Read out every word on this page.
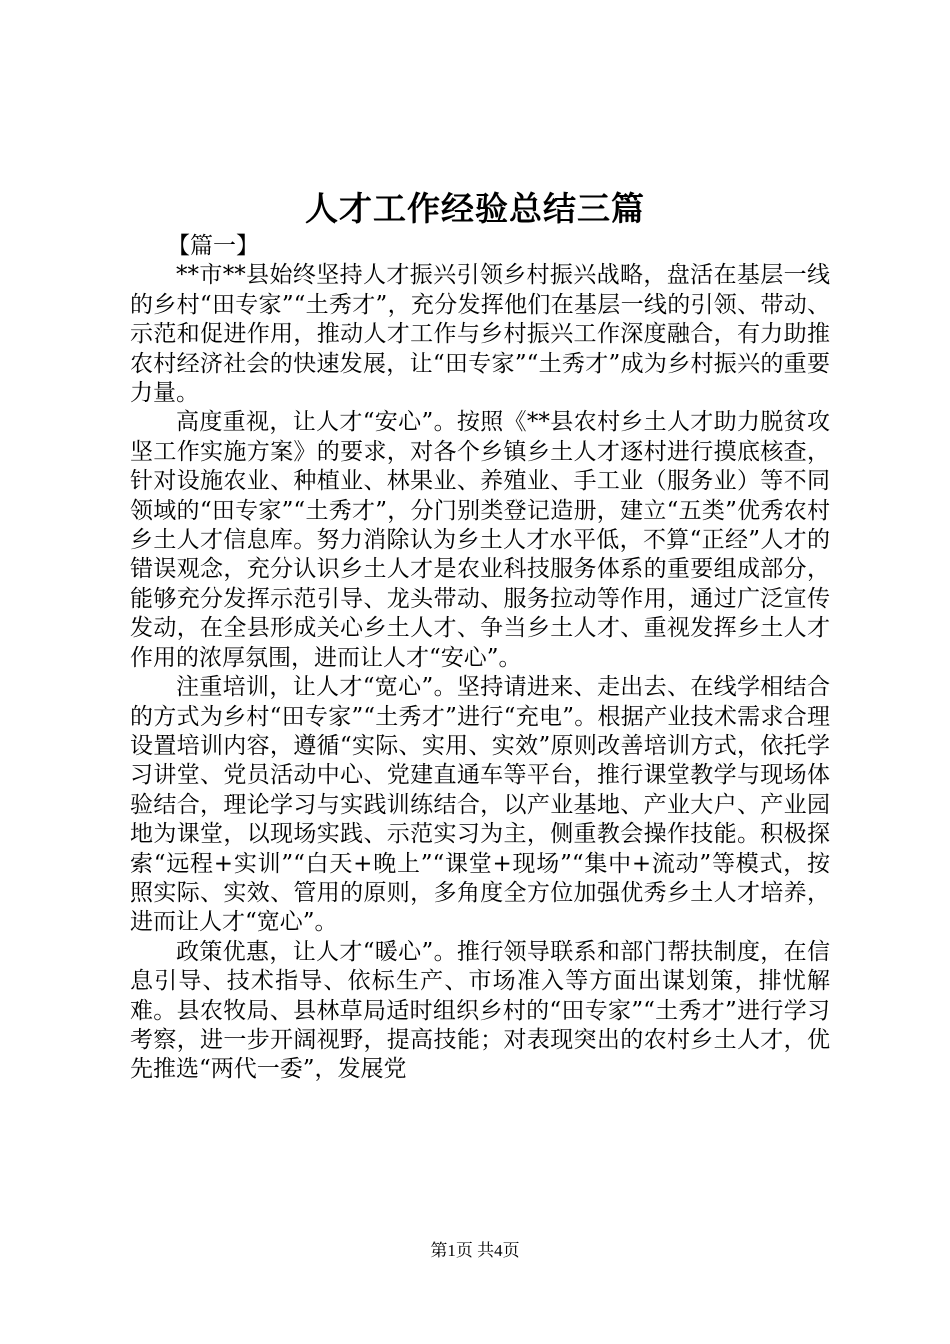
人才工作经验总结三篇

【篇一】

**市**县始终坚持人才振兴引领乡村振兴战略，盘活在基层一线的乡村“田专家”“土秀才”，充分发挥他们在基层一线的引领、带动、示范和促进作用，推动人才工作与乡村振兴工作深度融合，有力助推农村经济社会的快速发展，让“田专家”“土秀才”成为乡村振兴的重要力量。

高度重视，让人才“安心”。按照《**县农村乡土人才助力脱贫攻坚工作实施方案》的要求，对各个乡镇乡土人才逐村进行摸底核查，针对设施农业、种植业、林果业、养殖业、手工业（服务业）等不同领域的“田专家”“土秀才”，分门别类登记造册，建立“五类”优秀农村乡土人才信息库。努力消除认为乡土人才水平低，不算“正经”人才的错误观念，充分认识乡土人才是农业科技服务体系的重要组成部分，能够充分发挥示范引导、龙头带动、服务拉动等作用，通过广泛宣传发动，在全县形成关心乡土人才、争当乡土人才、重视发挥乡土人才作用的浓厚氛围，进而让人才“安心”。

注重培训，让人才“宽心”。坚持请进来、走出去、在线学相结合的方式为乡村“田专家”“土秀才”进行“充电”。根据产业技术需求合理设置培训内容，遵循“实际、实用、实效”原则改善培训方式，依托学习讲堂、党员活动中心、党建直通车等平台，推行课堂教学与现场体验结合，理论学习与实践训练结合，以产业基地、产业大户、产业园地为课堂，以现场实践、示范实习为主，侧重教会操作技能。积极探索“远程+实训”“白天+晚上”“课堂+现场”“集中+流动”等模式，按照实际、实效、管用的原则，多角度全方位加强优秀乡土人才培养，进而让人才“宽心”。

政策优惠，让人才“暖心”。推行领导联系和部门帮扶制度，在信息引导、技术指导、依标生产、市场准入等方面出谋划策，排忧解难。县农牧局、县林草局适时组织乡村的“田专家”“土秀才”进行学习考察，进一步开阔视野，提高技能；对表现突出的农村乡土人才，优先推选“两代一委”，发展党

第1页 共4页
